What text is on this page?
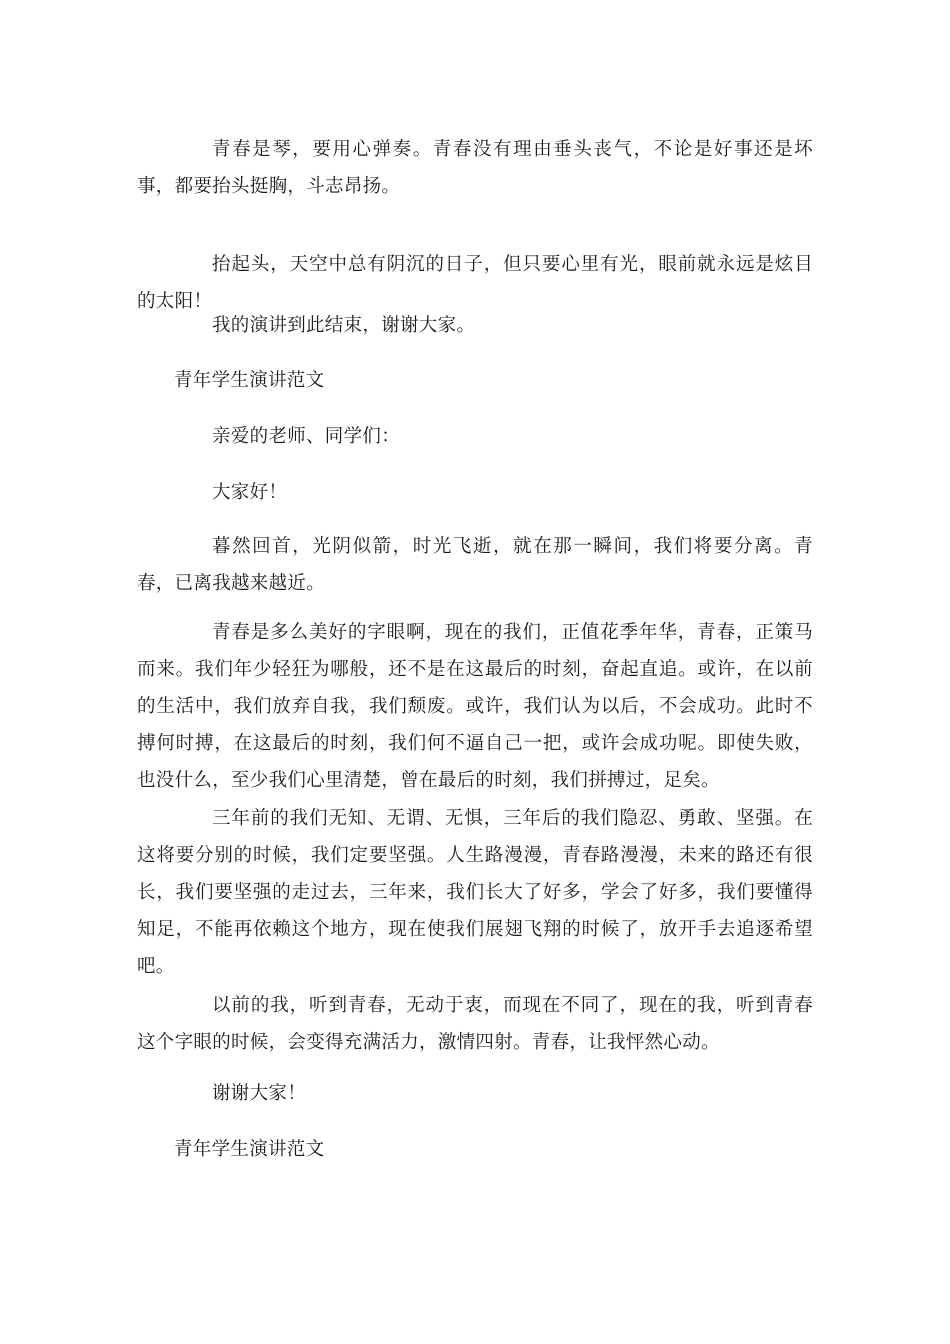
青春是琴，要用心弹奏。青春没有理由垂头丧气，不论是好事还是坏事，都要抬头挺胸，斗志昂扬。

抬起头，天空中总有阴沉的日子，但只要心里有光，眼前就永远是炫目的太阳！

我的演讲到此结束，谢谢大家。

青年学生演讲范文

亲爱的老师、同学们：

大家好！

暮然回首，光阴似箭，时光飞逝，就在那一瞬间，我们将要分离。青春，已离我越来越近。

青春是多么美好的字眼啊，现在的我们，正值花季年华，青春，正策马而来。我们年少轻狂为哪般，还不是在这最后的时刻，奋起直追。或许，在以前的生活中，我们放弃自我，我们颓废。或许，我们认为以后，不会成功。此时不搏何时搏，在这最后的时刻，我们何不逼自己一把，或许会成功呢。即使失败，也没什么，至少我们心里清楚，曾在最后的时刻，我们拼搏过，足矣。

三年前的我们无知、无谓、无惧，三年后的我们隐忍、勇敢、坚强。在这将要分别的时候，我们定要坚强。人生路漫漫，青春路漫漫，未来的路还有很长，我们要坚强的走过去，三年来，我们长大了好多，学会了好多，我们要懂得知足，不能再依赖这个地方，现在使我们展翅飞翔的时候了，放开手去追逐希望吧。

以前的我，听到青春，无动于衷，而现在不同了，现在的我，听到青春这个字眼的时候，会变得充满活力，激情四射。青春，让我怦然心动。

谢谢大家！

青年学生演讲范文
